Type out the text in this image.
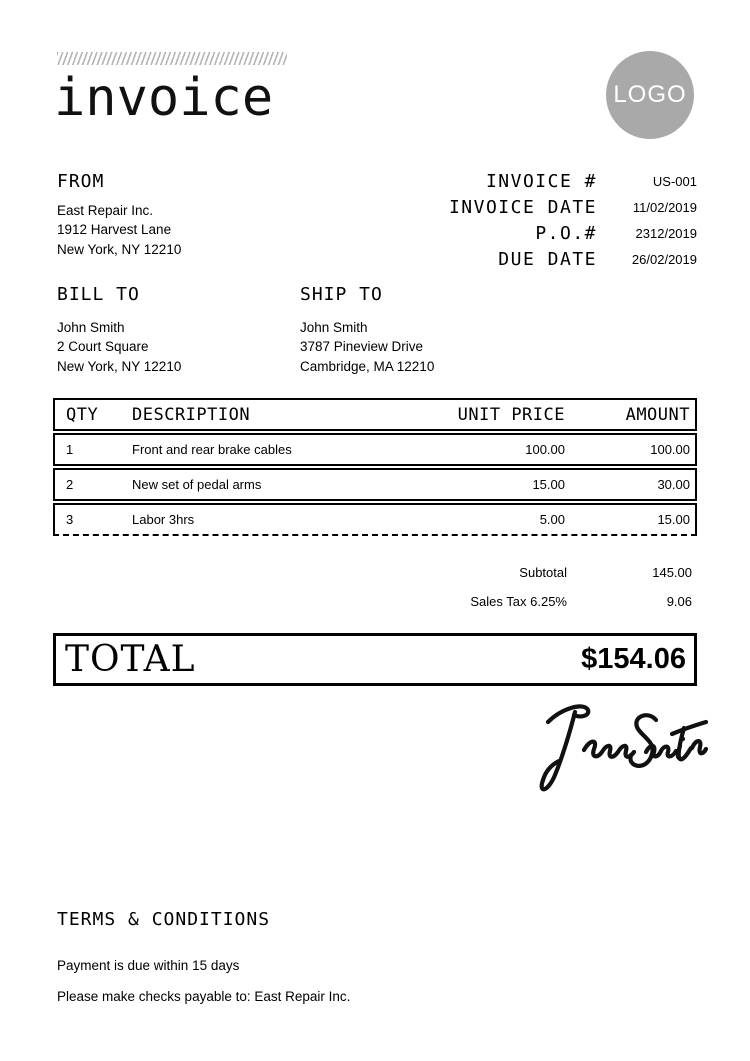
invoice	LOGO
FROM
East Repair Inc.
1912 Harvest Lane
New York, NY 12210
INVOICE #	US-001
INVOICE DATE	11/02/2019
P.O.#	2312/2019
DUE DATE	26/02/2019
BILL TO
John Smith
2 Court Square
New York, NY 12210
SHIP TO
John Smith
3787 Pineview Drive
Cambridge, MA 12210
QTY	DESCRIPTION	UNIT PRICE	AMOUNT
1	Front and rear brake cables	100.00	100.00
2	New set of pedal arms	15.00	30.00
3	Labor 3hrs	5.00	15.00
Subtotal	145.00
Sales Tax 6.25%	9.06
TOTAL	$154.06
TERMS & CONDITIONS
Payment is due within 15 days
Please make checks payable to: East Repair Inc.
